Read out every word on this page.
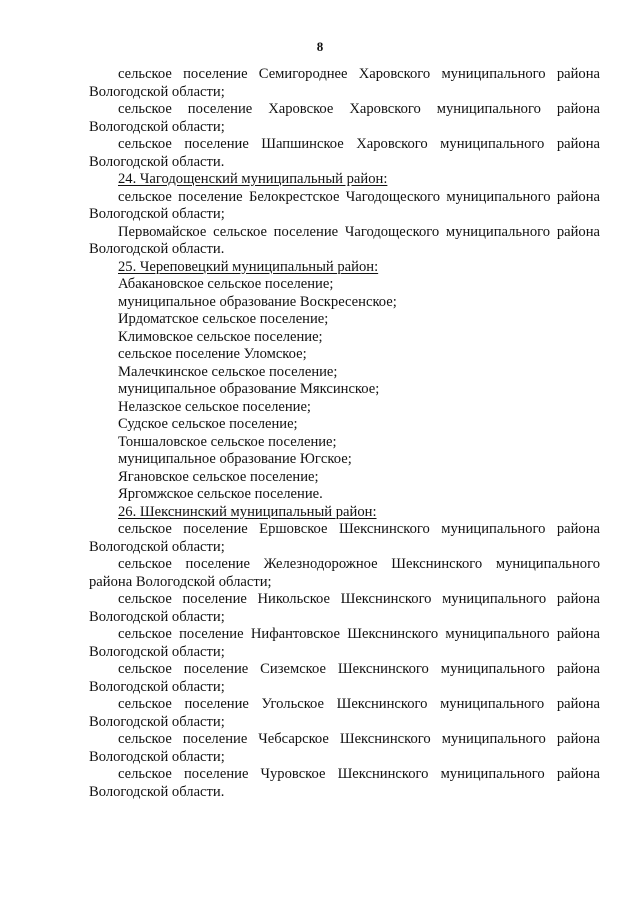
8

сельское поселение Семигороднее Харовского муниципального района Вологодской области;

сельское поселение Харовское Харовского муниципального района Вологодской области;

сельское поселение Шапшинское Харовского муниципального района Вологодской области.

24. Чагодощенский муниципальный район:

сельское поселение Белокрестское Чагодощеского муниципального района Вологодской области;

Первомайское сельское поселение Чагодощеского муниципального района Вологодской области.

25. Череповецкий муниципальный район:

Абакановское сельское поселение;

муниципальное образование Воскресенское;

Ирдоматское сельское поселение;

Климовское сельское поселение;

сельское поселение Уломское;

Малечкинское сельское поселение;

муниципальное образование Мяксинское;

Нелазское сельское поселение;

Судское сельское поселение;

Тоншаловское сельское поселение;

муниципальное образование Югское;

Ягановское сельское поселение;

Яргомжское сельское поселение.

26. Шекснинский муниципальный район:

сельское поселение Ершовское Шекснинского муниципального района Вологодской области;

сельское поселение Железнодорожное Шекснинского муниципального района Вологодской области;

сельское поселение Никольское Шекснинского муниципального района Вологодской области;

сельское поселение Нифантовское Шекснинского муниципального района Вологодской области;

сельское поселение Сиземское Шекснинского муниципального района Вологодской области;

сельское поселение Угольское Шекснинского муниципального района Вологодской области;

сельское поселение Чебсарское Шекснинского муниципального района Вологодской области;

сельское поселение Чуровское Шекснинского муниципального района Вологодской области.
